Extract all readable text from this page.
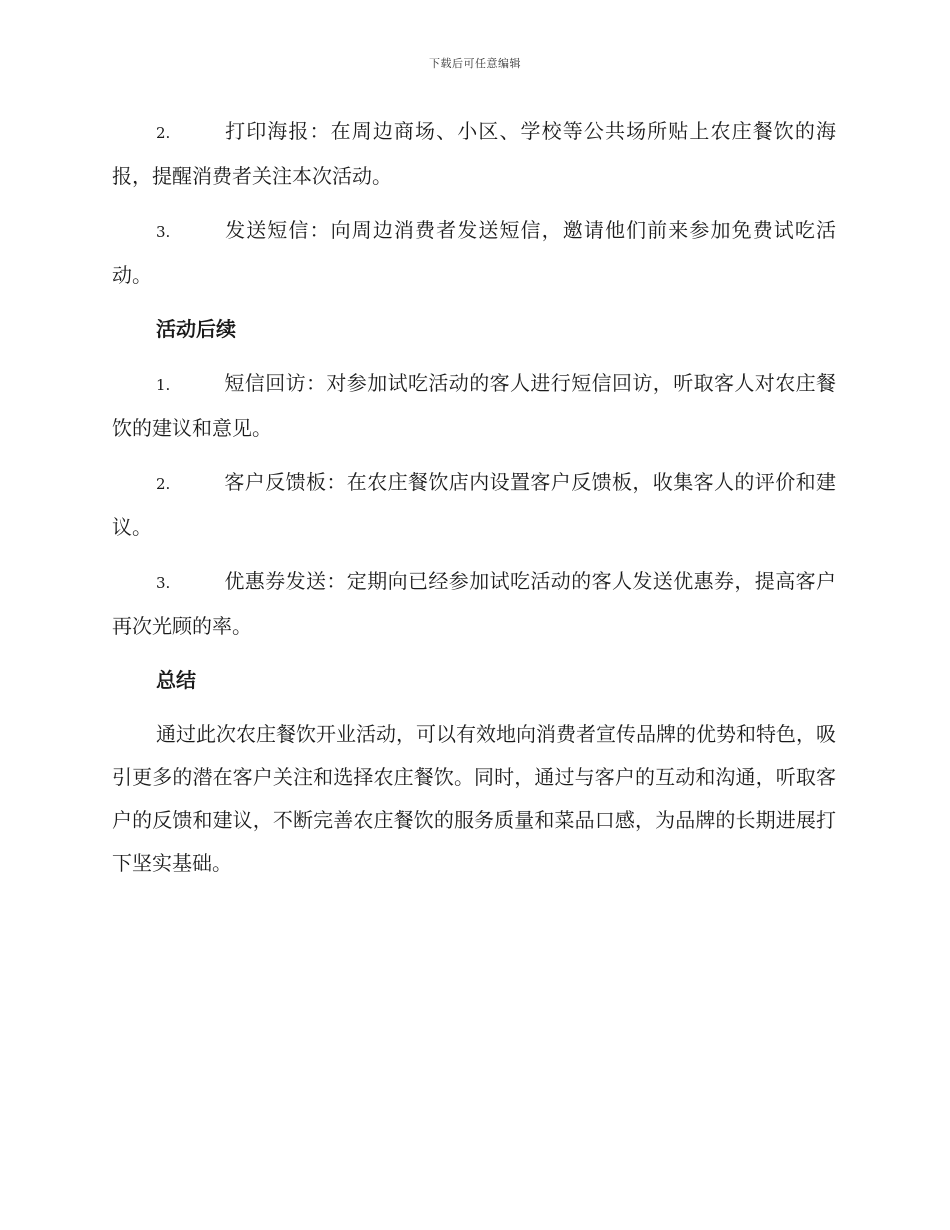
下载后可任意编辑
2.	打印海报：在周边商场、小区、学校等公共场所贴上农庄餐饮的海报，提醒消费者关注本次活动。
3.	发送短信：向周边消费者发送短信，邀请他们前来参加免费试吃活动。
活动后续
1.	短信回访：对参加试吃活动的客人进行短信回访，听取客人对农庄餐饮的建议和意见。
2.	客户反馈板：在农庄餐饮店内设置客户反馈板，收集客人的评价和建议。
3.	优惠券发送：定期向已经参加试吃活动的客人发送优惠券，提高客户再次光顾的率。
总结

通过此次农庄餐饮开业活动，可以有效地向消费者宣传品牌的优势和特色，吸引更多的潜在客户关注和选择农庄餐饮。同时，通过与客户的互动和沟通，听取客户的反馈和建议，不断完善农庄餐饮的服务质量和菜品口感，为品牌的长期进展打下坚实基础。
